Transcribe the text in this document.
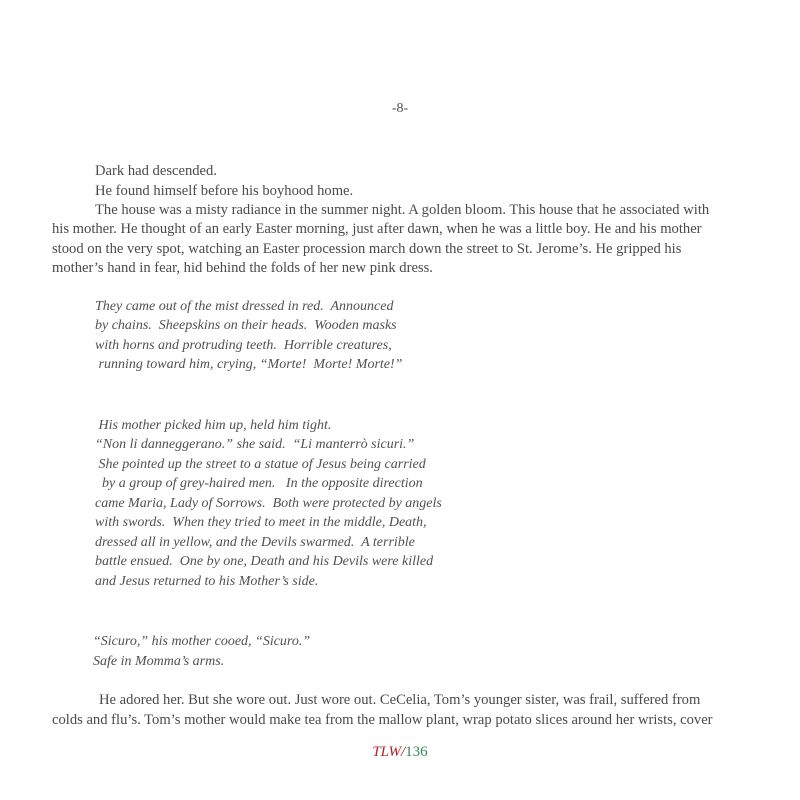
-8-
Dark had descended.
He found himself before his boyhood home.
The house was a misty radiance in the summer night. A golden bloom. This house that he associated with
his mother. He thought of an early Easter morning, just after dawn, when he was a little boy. He and his mother
stood on the very spot, watching an Easter procession march down the street to St. Jerome’s. He gripped his
mother’s hand in fear, hid behind the folds of her new pink dress.
They came out of the mist dressed in red.  Announced
by chains.  Sheepskins on their heads.  Wooden masks
with horns and protruding teeth.  Horrible creatures,
running toward him, crying, “Morte!  Morte! Morte!”
His mother picked him up, held him tight.
“Non li danneggerano.” she said.  “Li manterrò sicuri.”
She pointed up the street to a statue of Jesus being carried
by a group of grey-haired men.   In the opposite direction
came Maria, Lady of Sorrows.  Both were protected by angels
with swords.  When they tried to meet in the middle, Death,
dressed all in yellow, and the Devils swarmed.  A terrible
battle ensued.  One by one, Death and his Devils were killed
and Jesus returned to his Mother’s side.
“Sicuro,” his mother cooed, “Sicuro.”
Safe in Momma’s arms.
He adored her. But she wore out. Just wore out. CeCelia, Tom’s younger sister, was frail, suffered from
colds and flu’s. Tom’s mother would make tea from the mallow plant, wrap potato slices around her wrists, cover
TLW/136
